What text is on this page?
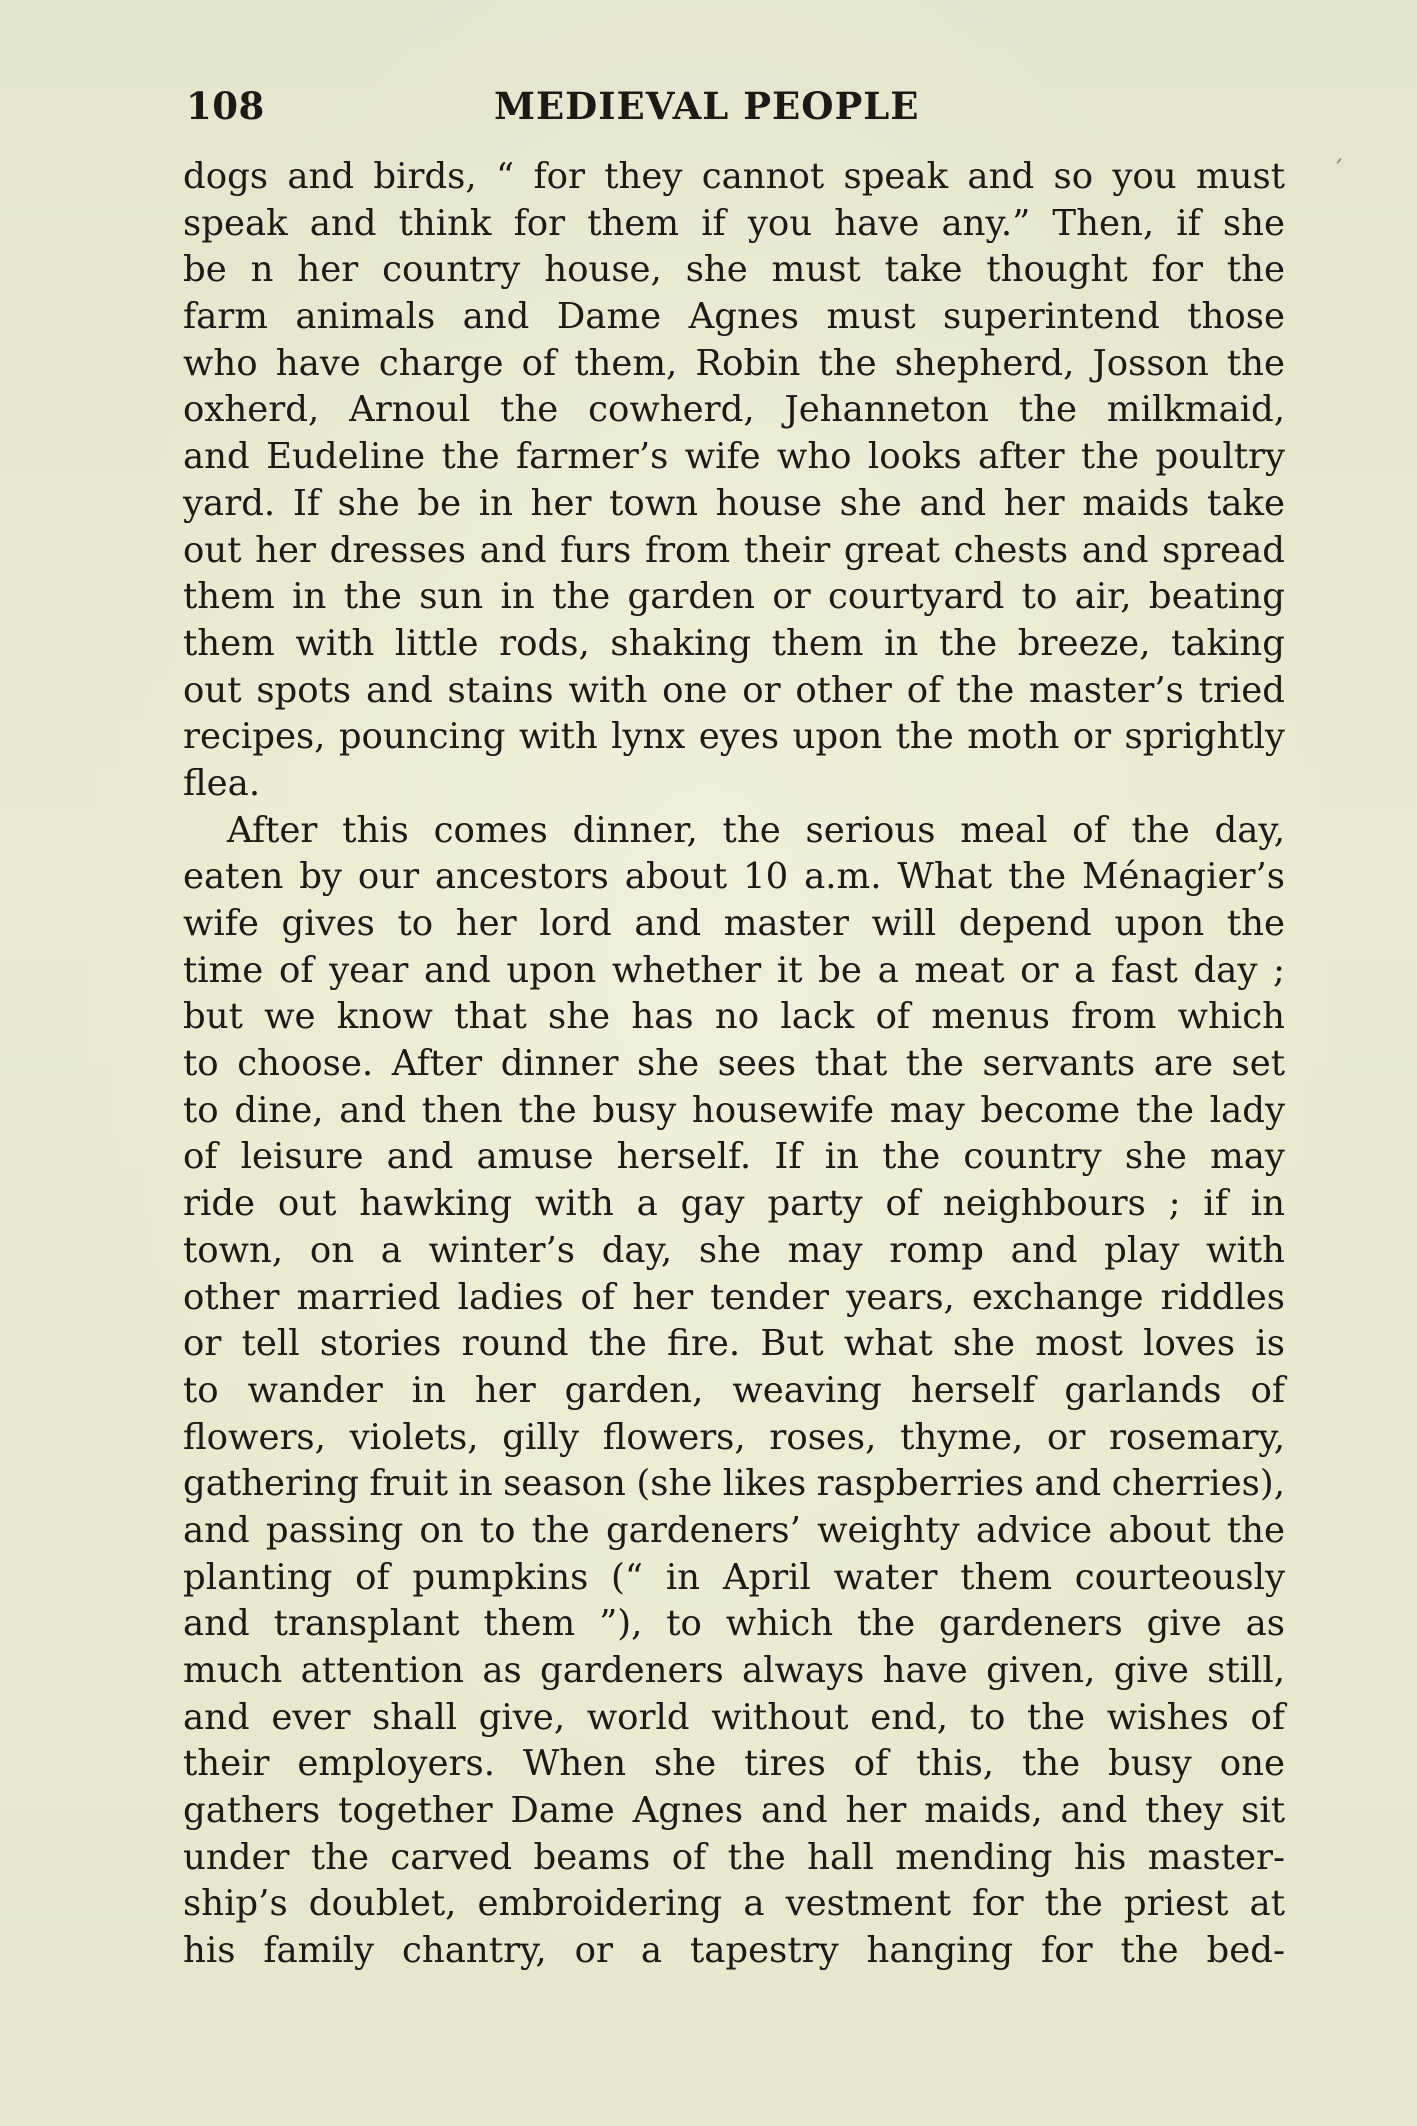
108	MEDIEVAL PEOPLE
dogs and birds, “ for they cannot speak and so you must
speak and think for them if you have any.” Then, if she
be n her country house, she must take thought for the
farm animals and Dame Agnes must superintend those
who have charge of them, Robin the shepherd, Josson the
oxherd, Arnoul the cowherd, Jehanneton the milkmaid,
and Eudeline the farmer’s wife who looks after the poultry
yard. If she be in her town house she and her maids take
out her dresses and furs from their great chests and spread
them in the sun in the garden or courtyard to air, beating
them with little rods, shaking them in the breeze, taking
out spots and stains with one or other of the master’s tried
recipes, pouncing with lynx eyes upon the moth or sprightly
flea.
After this comes dinner, the serious meal of the day,
eaten by our ancestors about 10 a.m. What the Ménagier’s
wife gives to her lord and master will depend upon the
time of year and upon whether it be a meat or a fast day ;
but we know that she has no lack of menus from which
to choose. After dinner she sees that the servants are set
to dine, and then the busy housewife may become the lady
of leisure and amuse herself. If in the country she may
ride out hawking with a gay party of neighbours ; if in
town, on a winter’s day, she may romp and play with
other married ladies of her tender years, exchange riddles
or tell stories round the fire. But what she most loves is
to wander in her garden, weaving herself garlands of
flowers, violets, gilly flowers, roses, thyme, or rosemary,
gathering fruit in season (she likes raspberries and cherries),
and passing on to the gardeners’ weighty advice about the
planting of pumpkins (“ in April water them courteously
and transplant them ”), to which the gardeners give as
much attention as gardeners always have given, give still,
and ever shall give, world without end, to the wishes of
their employers. When she tires of this, the busy one
gathers together Dame Agnes and her maids, and they sit
under the carved beams of the hall mending his master-
ship’s doublet, embroidering a vestment for the priest at
his family chantry, or a tapestry hanging for the bed-
